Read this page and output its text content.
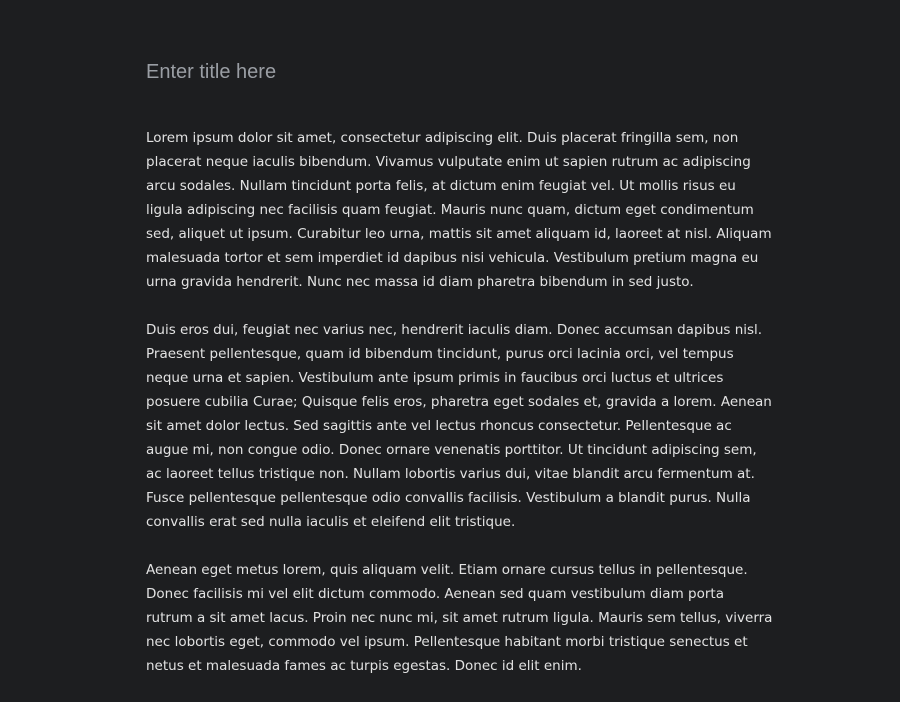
Enter title here

Lorem ipsum dolor sit amet, consectetur adipiscing elit. Duis placerat fringilla sem, non placerat neque iaculis bibendum. Vivamus vulputate enim ut sapien rutrum ac adipiscing arcu sodales. Nullam tincidunt porta felis, at dictum enim feugiat vel. Ut mollis risus eu ligula adipiscing nec facilisis quam feugiat. Mauris nunc quam, dictum eget condimentum sed, aliquet ut ipsum. Curabitur leo urna, mattis sit amet aliquam id, laoreet at nisl. Aliquam malesuada tortor et sem imperdiet id dapibus nisi vehicula. Vestibulum pretium magna eu urna gravida hendrerit. Nunc nec massa id diam pharetra bibendum in sed justo.

Duis eros dui, feugiat nec varius nec, hendrerit iaculis diam. Donec accumsan dapibus nisl. Praesent pellentesque, quam id bibendum tincidunt, purus orci lacinia orci, vel tempus neque urna et sapien. Vestibulum ante ipsum primis in faucibus orci luctus et ultrices posuere cubilia Curae; Quisque felis eros, pharetra eget sodales et, gravida a lorem. Aenean sit amet dolor lectus. Sed sagittis ante vel lectus rhoncus consectetur. Pellentesque ac augue mi, non congue odio. Donec ornare venenatis porttitor. Ut tincidunt adipiscing sem, ac laoreet tellus tristique non. Nullam lobortis varius dui, vitae blandit arcu fermentum at. Fusce pellentesque pellentesque odio convallis facilisis. Vestibulum a blandit purus. Nulla convallis erat sed nulla iaculis et eleifend elit tristique.

Aenean eget metus lorem, quis aliquam velit. Etiam ornare cursus tellus in pellentesque. Donec facilisis mi vel elit dictum commodo. Aenean sed quam vestibulum diam porta rutrum a sit amet lacus. Proin nec nunc mi, sit amet rutrum ligula. Mauris sem tellus, viverra nec lobortis eget, commodo vel ipsum. Pellentesque habitant morbi tristique senectus et netus et malesuada fames ac turpis egestas. Donec id elit enim.
